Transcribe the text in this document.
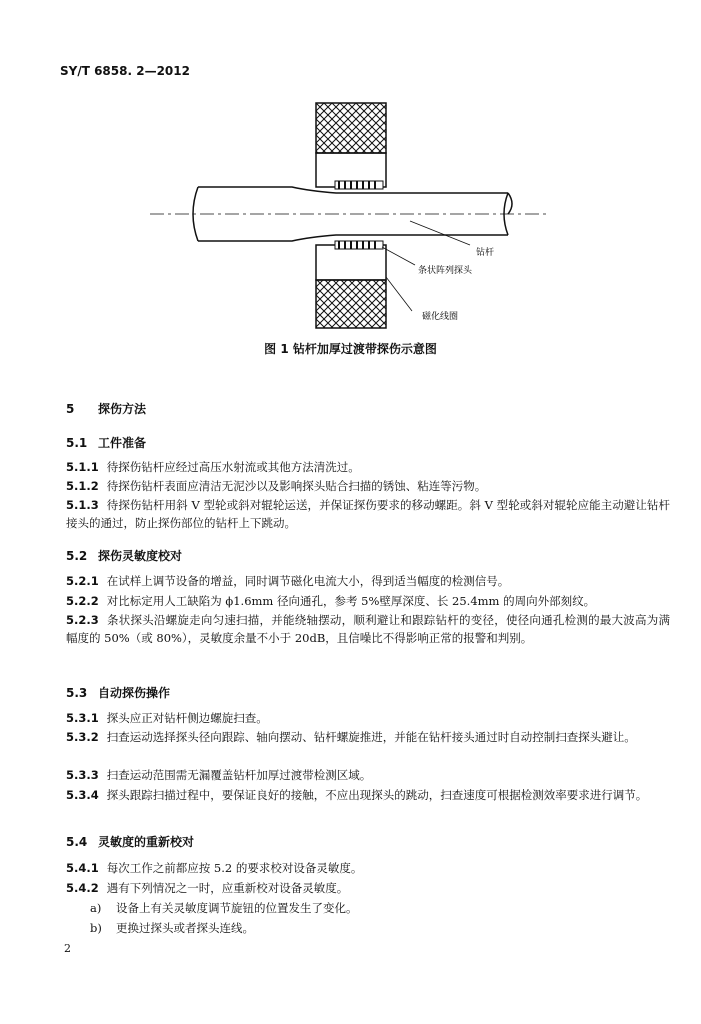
SY/T 6858. 2—2012
钻杆
条状阵列探头
磁化线圈
图 1 钻杆加厚过渡带探伤示意图
5 探伤方法
5.1 工件准备
5.1.1 待探伤钻杆应经过高压水射流或其他方法清洗过。
5.1.2 待探伤钻杆表面应清洁无泥沙以及影响探头贴合扫描的锈蚀、粘连等污物。
5.1.3 待探伤钻杆用斜 V 型轮或斜对辊轮运送，并保证探伤要求的移动螺距。斜 V 型轮或斜对辊轮应能主动避让钻杆接头的通过，防止探伤部位的钻杆上下跳动。
5.2 探伤灵敏度校对
5.2.1 在试样上调节设备的增益，同时调节磁化电流大小，得到适当幅度的检测信号。
5.2.2 对比标定用人工缺陷为 ϕ1.6mm 径向通孔，参考 5%壁厚深度、长 25.4mm 的周向外部刻纹。
5.2.3 条状探头沿螺旋走向匀速扫描，并能绕轴摆动，顺利避让和跟踪钻杆的变径，使径向通孔检测的最大波高为满幅度的 50%（或 80%），灵敏度余量不小于 20dB，且信噪比不得影响正常的报警和判别。
5.3 自动探伤操作
5.3.1 探头应正对钻杆侧边螺旋扫查。
5.3.2 扫查运动选择探头径向跟踪、轴向摆动、钻杆螺旋推进，并能在钻杆接头通过时自动控制扫查探头避让。
5.3.3 扫查运动范围需无漏覆盖钻杆加厚过渡带检测区域。
5.3.4 探头跟踪扫描过程中，要保证良好的接触，不应出现探头的跳动，扫查速度可根据检测效率要求进行调节。
5.4 灵敏度的重新校对
5.4.1 每次工作之前都应按 5.2 的要求校对设备灵敏度。
5.4.2 遇有下列情况之一时，应重新校对设备灵敏度。
a) 设备上有关灵敏度调节旋钮的位置发生了变化。
b) 更换过探头或者探头连线。
2
